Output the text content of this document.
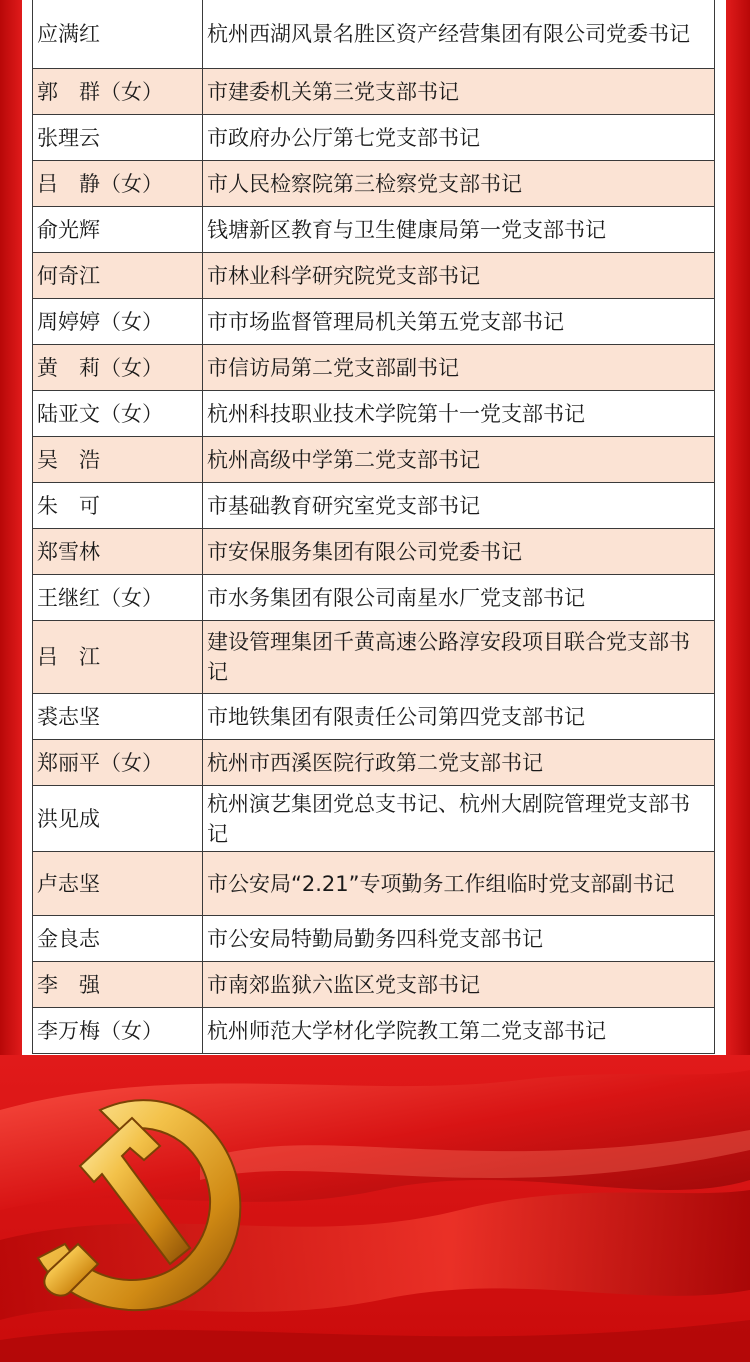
应满红	杭州西湖风景名胜区资产经营集团有限公司党委书记
郭　群（女）	市建委机关第三党支部书记
张理云	市政府办公厅第七党支部书记
吕　静（女）	市人民检察院第三检察党支部书记
俞光辉	钱塘新区教育与卫生健康局第一党支部书记
何奇江	市林业科学研究院党支部书记
周婷婷（女）	市市场监督管理局机关第五党支部书记
黄　莉（女）	市信访局第二党支部副书记
陆亚文（女）	杭州科技职业技术学院第十一党支部书记
吴　浩	杭州高级中学第二党支部书记
朱　可	市基础教育研究室党支部书记
郑雪林	市安保服务集团有限公司党委书记
王继红（女）	市水务集团有限公司南星水厂党支部书记
吕　江	建设管理集团千黄高速公路淳安段项目联合党支部书记
裘志坚	市地铁集团有限责任公司第四党支部书记
郑丽平（女）	杭州市西溪医院行政第二党支部书记
洪见成	杭州演艺集团党总支书记、杭州大剧院管理党支部书记
卢志坚	市公安局“2.21”专项勤务工作组临时党支部副书记
金良志	市公安局特勤局勤务四科党支部书记
李　强	市南郊监狱六监区党支部书记
李万梅（女）	杭州师范大学材化学院教工第二党支部书记
